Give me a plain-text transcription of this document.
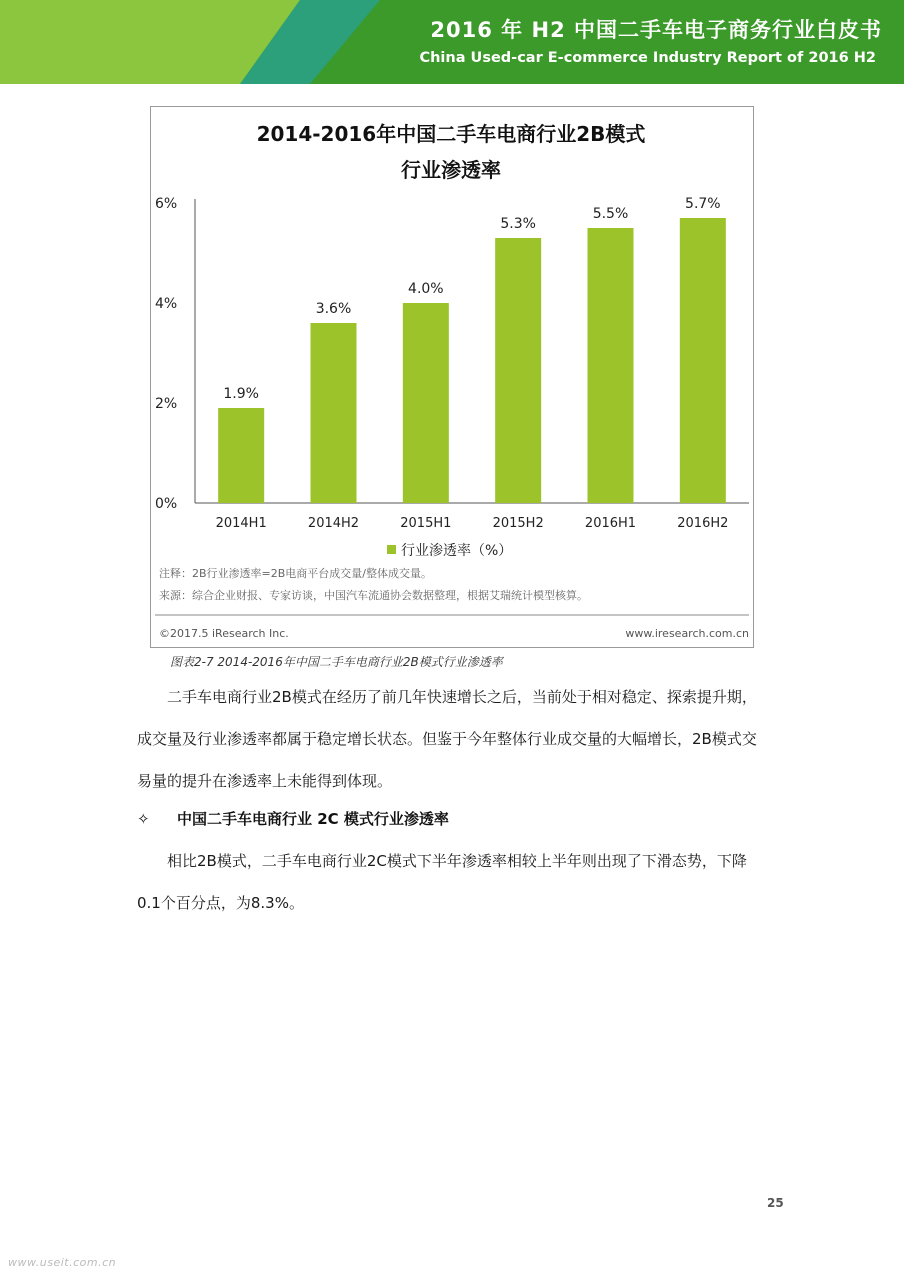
2016 年 H2 中国二手车电子商务行业白皮书
China Used-car E-commerce Industry Report of 2016 H2
2014-2016年中国二手车电商行业2B模式
行业渗透率
0%
2%
4%
6%
1.9%
2014H1
3.6%
2014H2
4.0%
2015H1
5.3%
2015H2
5.5%
2016H1
5.7%
2016H2
行业渗透率（%）
注释：2B行业渗透率=2B电商平台成交量/整体成交量。
来源：综合企业财报、专家访谈，中国汽车流通协会数据整理，根据艾瑞统计模型核算。
©2017.5 iResearch Inc.	www.iresearch.com.cn
图表2-7 2014-2016年中国二手车电商行业2B模式行业渗透率

二手车电商行业2B模式在经历了前几年快速增长之后，当前处于相对稳定、探索提升期，成交量及行业渗透率都属于稳定增长状态。但鉴于今年整体行业成交量的大幅增长，2B模式交易量的提升在渗透率上未能得到体现。

✧ 中国二手车电商行业 2C 模式行业渗透率

相比2B模式，二手车电商行业2C模式下半年渗透率相较上半年则出现了下滑态势，下降0.1个百分点，为8.3%。

25
www.useit.com.cn
